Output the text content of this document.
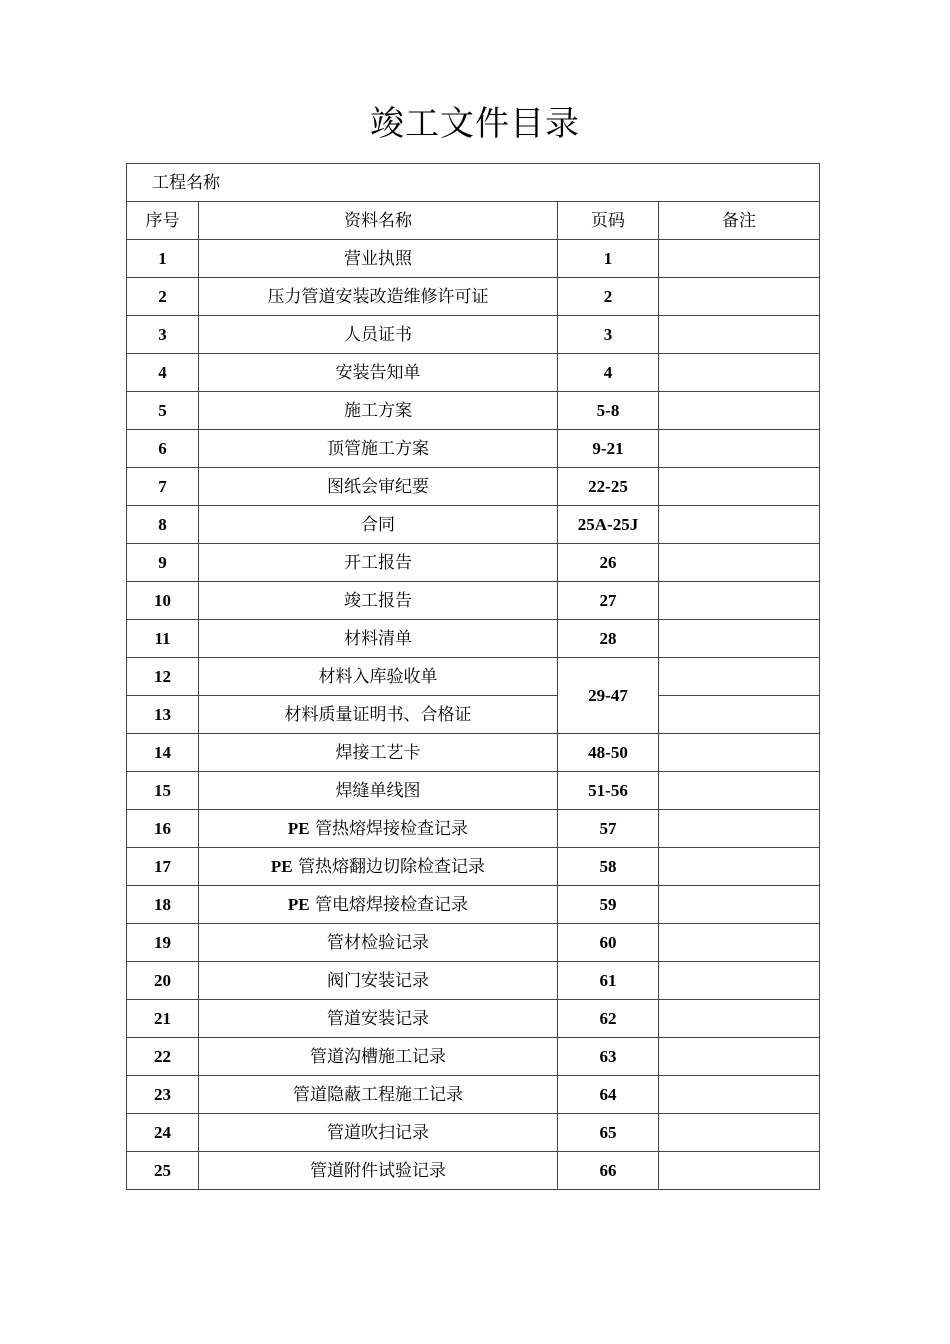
竣工文件目录
工程名称			
序号	资料名称	页码	备注
1	营业执照	1	
2	压力管道安装改造维修许可证	2	
3	人员证书	3	
4	安装告知单	4	
5	施工方案	5-8	
6	顶管施工方案	9-21	
7	图纸会审纪要	22-25	
8	合同	25A-25J	
9	开工报告	26	
10	竣工报告	27	
11	材料清单	28	
12	材料入库验收单	29-47	
13	材料质量证明书、合格证		
14	焊接工艺卡	48-50	
15	焊缝单线图	51-56	
16	PE 管热熔焊接检查记录	57	
17	PE 管热熔翻边切除检查记录	58	
18	PE 管电熔焊接检查记录	59	
19	管材检验记录	60	
20	阀门安装记录	61	
21	管道安装记录	62	
22	管道沟槽施工记录	63	
23	管道隐蔽工程施工记录	64	
24	管道吹扫记录	65	
25	管道附件试验记录	66	
